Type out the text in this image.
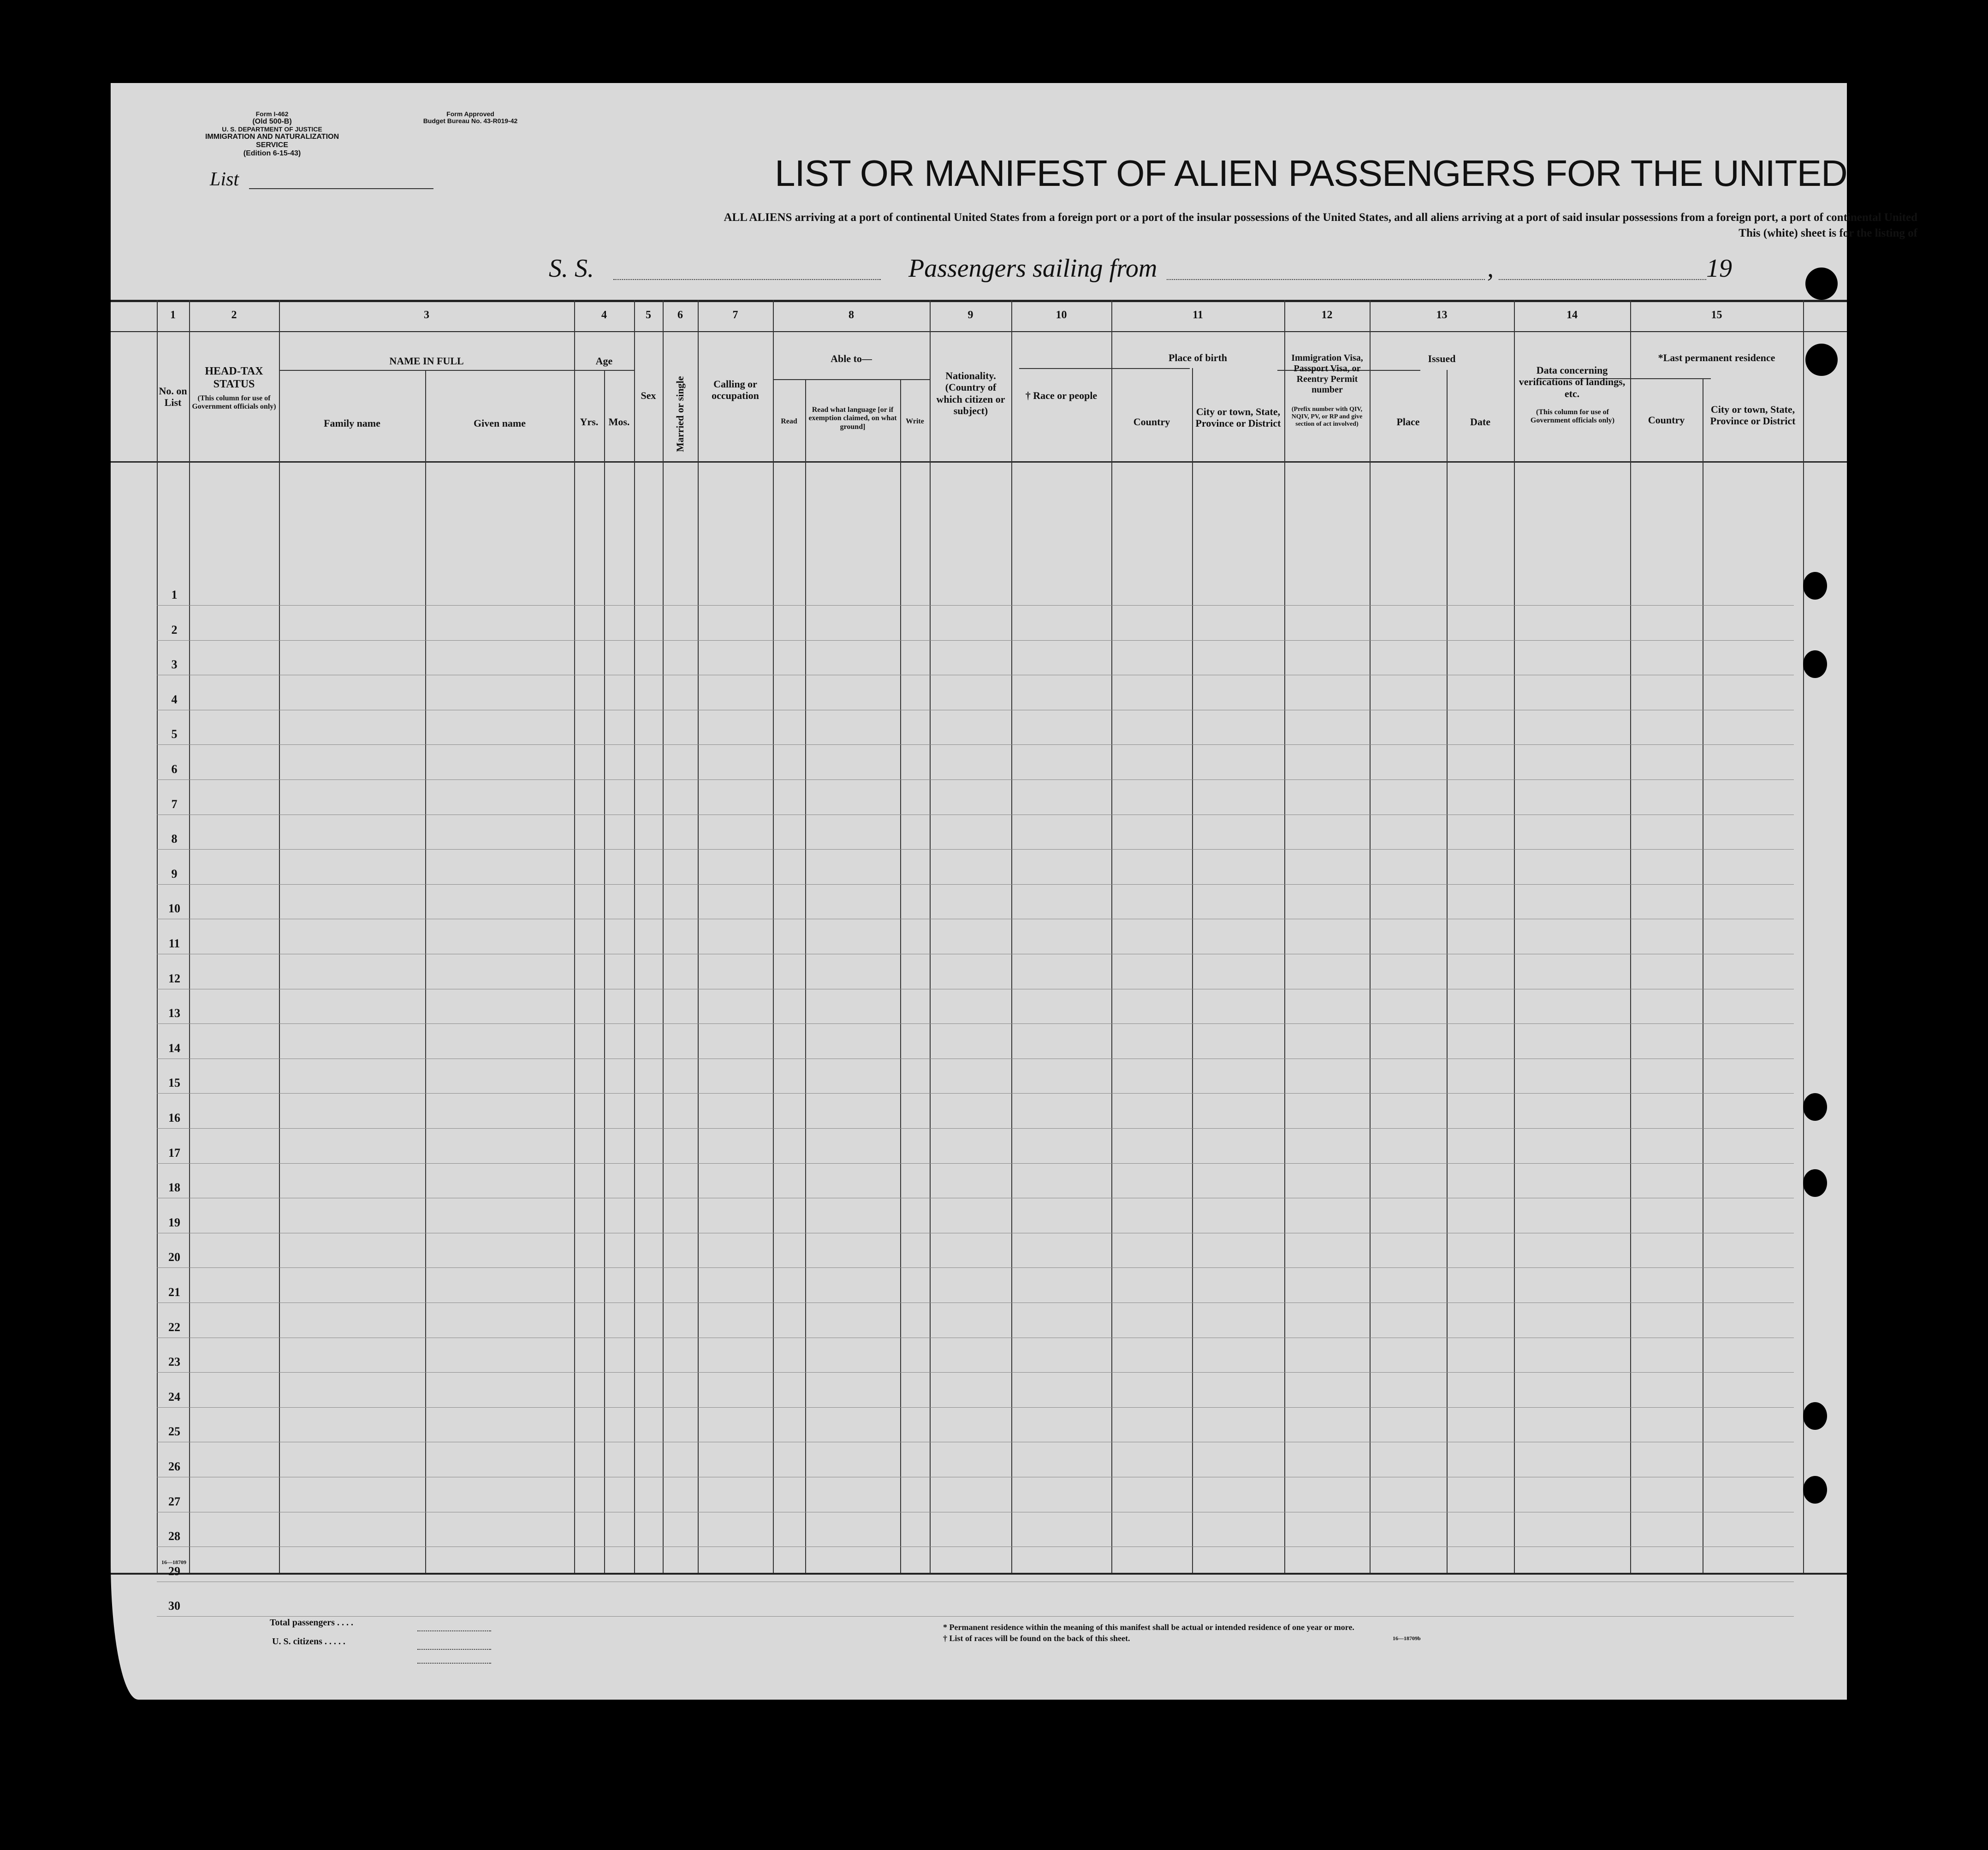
Form I-462
(Old 500-B)
U. S. DEPARTMENT OF JUSTICE
IMMIGRATION AND NATURALIZATION SERVICE
(Edition 6-15-43)
Form Approved
Budget Bureau No. 43-R019-42
List	LIST OR MANIFEST OF ALIEN PASSENGERS FOR THE UNITED
ALL ALIENS arriving at a port of continental United States from a foreign port or a port of the insular possessions of the United States, and all aliens arriving at a port of said insular possessions from a foreign port, a port of continental United
This (white) sheet is for the listing of
S. S.	Passengers sailing from	,	19
1	2	3	4	5	6	7	8	9	10	11	12	13	14	15
No. on List
HEAD-TAX STATUS
(This column for use of Government officials only)
NAME IN FULL
Family name	Given name
Age
Yrs.	Mos.
Sex	Married or single	Calling or occupation
Able to—
Read
Read what language [or if exemption claimed, on what ground]
Write
Nationality. (Country of which citizen or subject)
† Race or people
Place of birth
Country
City or town, State, Province or District
Immigration Visa, Passport Visa, or Reentry Permit number
(Prefix number with QIV, NQIV, PV, or RP and give section of act involved)
Issued
Place	Date
Data concerning verifications of landings, etc.
(This column for use of Government officials only)
*Last permanent residence
Country
City or town, State, Province or District
1
2
3
4
5
6
7
8
9
10
11
12
13
14
15
16
17
18
19
20
21
22
23
24
25
26
27
28
29
30
16—18709
Total passengers . . . .
U. S. citizens . . . . .
* Permanent residence within the meaning of this manifest shall be actual or intended residence of one year or more.
† List of races will be found on the back of this sheet.	16—18709b
